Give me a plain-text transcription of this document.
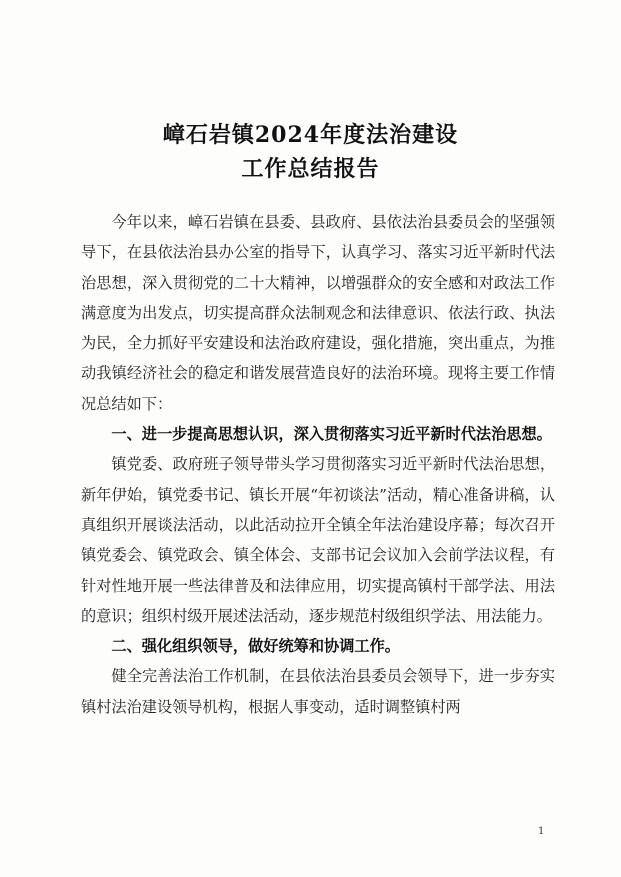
嶂石岩镇2024年度法治建设
工作总结报告

今年以来，嶂石岩镇在县委、县政府、县依法治县委员会的坚强领导下，在县依法治县办公室的指导下，认真学习、落实习近平新时代法治思想，深入贯彻党的二十大精神，以增强群众的安全感和对政法工作满意度为出发点，切实提高群众法制观念和法律意识、依法行政、执法为民，全力抓好平安建设和法治政府建设，强化措施，突出重点，为推动我镇经济社会的稳定和谐发展营造良好的法治环境。现将主要工作情况总结如下：

一、进一步提高思想认识，深入贯彻落实习近平新时代法治思想。

镇党委、政府班子领导带头学习贯彻落实习近平新时代法治思想，新年伊始，镇党委书记、镇长开展“年初谈法”活动，精心准备讲稿，认真组织开展谈法活动，以此活动拉开全镇全年法治建设序幕；每次召开镇党委会、镇党政会、镇全体会、支部书记会议加入会前学法议程，有针对性地开展一些法律普及和法律应用，切实提高镇村干部学法、用法的意识；组织村级开展述法活动，逐步规范村级组织学法、用法能力。

二、强化组织领导，做好统筹和协调工作。

健全完善法治工作机制，在县依法治县委员会领导下，进一步夯实镇村法治建设领导机构，根据人事变动，适时调整镇村两

1
